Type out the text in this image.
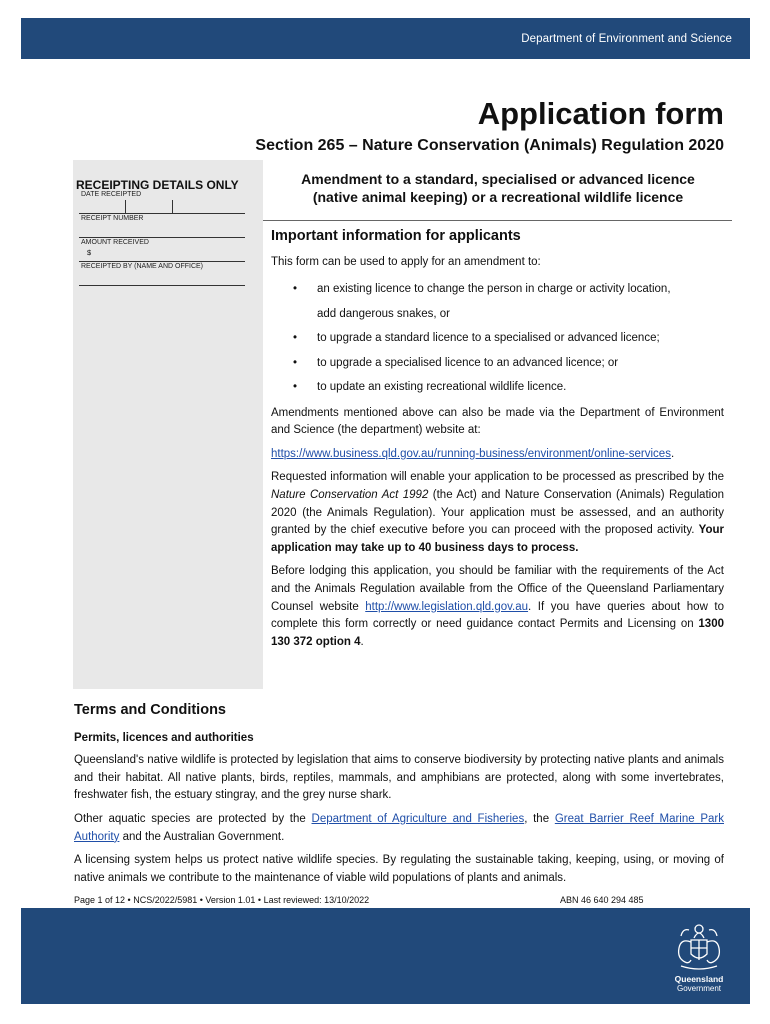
Department of Environment and Science
Application form
Section 265 – Nature Conservation (Animals) Regulation 2020
RECEIPTING DETAILS ONLY
DATE RECEIPTED
RECEIPT NUMBER
AMOUNT RECEIVED
$
RECEIPTED BY (NAME AND OFFICE)
Amendment to a standard, specialised or advanced licence
(native animal keeping) or a recreational wildlife licence
Important information for applicants

This form can be used to apply for an amendment to:

• an existing licence to change the person in charge or activity location,
add dangerous snakes, or
• to upgrade a standard licence to a specialised or advanced licence;
• to upgrade a specialised licence to an advanced licence; or
• to update an existing recreational wildlife licence.

Amendments mentioned above can also be made via the Department of Environment and Science (the department) website at:

https://www.business.qld.gov.au/running-business/environment/online-services.

Requested information will enable your application to be processed as prescribed by the Nature Conservation Act 1992 (the Act) and Nature Conservation (Animals) Regulation 2020 (the Animals Regulation). Your application must be assessed, and an authority granted by the chief executive before you can proceed with the proposed activity. Your application may take up to 40 business days to process.

Before lodging this application, you should be familiar with the requirements of the Act and the Animals Regulation available from the Office of the Queensland Parliamentary Counsel website http://www.legislation.qld.gov.au. If you have queries about how to complete this form correctly or need guidance contact Permits and Licensing on 1300 130 372 option 4.

Terms and Conditions
Permits, licences and authorities

Queensland's native wildlife is protected by legislation that aims to conserve biodiversity by protecting native plants and animals and their habitat. All native plants, birds, reptiles, mammals, and amphibians are protected, along with some invertebrates, freshwater fish, the estuary stingray, and the grey nurse shark.

Other aquatic species are protected by the Department of Agriculture and Fisheries, the Great Barrier Reef Marine Park Authority and the Australian Government.

A licensing system helps us protect native wildlife species. By regulating the sustainable taking, keeping, using, or moving of native animals we contribute to the maintenance of viable wild populations of plants and animals.

Page 1 of 12 • NCS/2022/5981 • Version 1.01 • Last reviewed: 13/10/2022	ABN 46 640 294 485
Queensland
Government
